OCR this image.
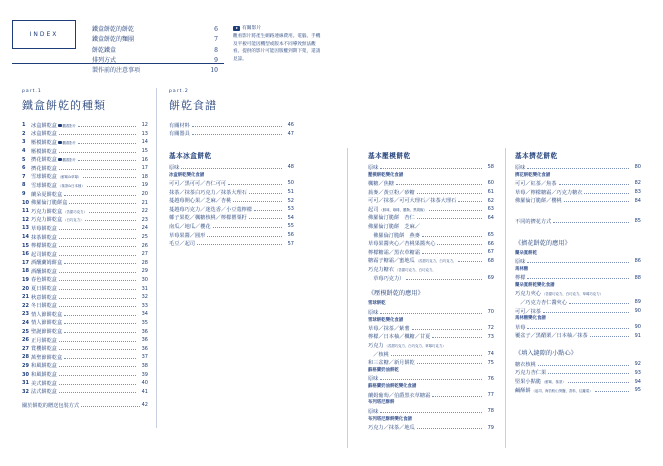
INDEX
鐵盒餅乾的餅乾	6
鐵盒餅乾的麵團	7
餅乾鐵盒	8
排列方式	9
製作前的注意事項	10
有關影片
觀看影片將產生網路連線費用。電腦、手機及平板可能因機型或版本不同導致無法觀看。提供的影片可能因版權到期下架，還請見諒。
part.1
鐵盒餅乾的種類
1	冰盒餅乾盒 觀看影片	12
2	冰盒餅乾盒	13
3	壓模餅乾盒 觀看影片	14
4	壓模餅乾盒	15
5	擠花餅乾盒 觀看影片	16
6	擠花餅乾盒	17
7	雪球餅乾盒 （鮮味&草莓）	18
8	雪球餅乾盒 （抹茶&日本柚）	19
9	蘭朵夏餅乾盒	20
10 佛羅倫汀脆餅盒	21
11 巧克力餅乾盒 （苦甜巧克力）	22
12 巧克力餅乾盒 （白巧克力）	23
13 草莓餅乾盒	24
14 抹茶餅乾盒	25
15 檸檬餅乾盒	26
16 起司餅乾盒	27
17 酒醺蘭姆餅盒	28
18 酒醺餅乾盒	29
19 春色餅乾盒	30
20 夏日餅乾盒	31
21 秋意餅乾盒	32
22 冬日餅乾盒	33
23 情人節餅乾盒	34
24 情人節餅乾盒	35
25 聖誕節餅乾盒	36
26 正月餅乾盒	36
27 賞櫻餅乾盒	36
28 萬聖節餅乾盒	37
29 和風餅乾盒	38
30 和風餅乾盒	39
31 美式餅乾盒	40
32 法式餅乾盒	41
關於餅乾的贈送包裝方式	42
part.2
餅乾食譜
有關材料	46
有關器具	47
基本冰盒餅乾
原味	48
冰盒餅乾變化食譜
可可／黑可可／杏仁可可	50
抹茶／抹茶白巧克力／抹茶大理石	51
蔓越莓開心果／芝麻／杏桃	52
蔓越莓巧克力／迷迭香／小豆蔻檸檬	53
椰子果乾／楓糖核桃／檸檬罌粟籽	54
南瓜／地瓜／櫻花	55
草莓果醬／圓形	56
毛豆／起司	57
基本壓模餅乾
原味	58
壓模餅乾變化食譜
楓糖／焦糖	60
蕎麥／黃豆粉／砂糖	61
可可／抹茶／可可大理石／抹茶大理石	62
起司 （鮮味、咖啡、羅勒、黑胡椒）	63
佛羅倫汀脆餅　杏仁	64
佛羅倫汀脆餅　芝麻／
　佛羅倫汀脆餅　燕麥	65
草莓果醬夾心／杏桃果醬夾心	66
檸檬糖霜／黑衣草糖霜	67
糖霜子糖霜／蜜地瓜 （苦甜巧克力、白巧克力、	68
巧克力糖衣 （苦甜巧克力、白巧克力、
　草莓巧克力）	69
《壓模餅乾的應用》
雪球餅乾
原味	70
雪球餅乾變化食譜
草莓／抹茶／紫薯	72
檸檬／日本柚／楓糖／甘夏	73
巧克力 （苦甜巧克力、白巧克力、草莓巧克力）
　／核桃	74
和三盆糖／新月餅乾	75
蘇格蘭奶油餅乾
原味	76
蘇格蘭奶油餅乾變化食譜
蘭姆葡萄／伯爵黑衣草糖霜	77
布列塔尼酥餅
原味	78
布列塔尼酥餅變化食譜
巧克力／抹茶／地瓜	79
基本擠花餅乾
原味	80
擠花餅乾變化食譜
可可／紅茶／焦茶	82
草莓／檸檬糖霜／巧克力糖衣	83
佛羅倫汀脆餅／櫻桃	84
不同的擠花方式	85
《擠花餅乾的應用》
蘭朵夏餅乾
原味	86
馬林糖
檸檬	88
蘭朵夏餅乾變化食譜
巧克力夾心 （苦甜巧克力、白巧克力、草莓巧克力）
　／巧克力杏仁醬夾心	89
可可／抹茶	90
馬林糖變化食譜
草莓	90
覆盆子／黑醋栗／日本柚／抹茶	91
《填入縫隙的小點心》
糖衣核桃	92
巧克力杏仁果	93
堅果小點脆 （鮮味、抹茶）	94
鹹酥餅 （起司、海苔粉山葵鹽、香料、紅蘿蔔）	95
